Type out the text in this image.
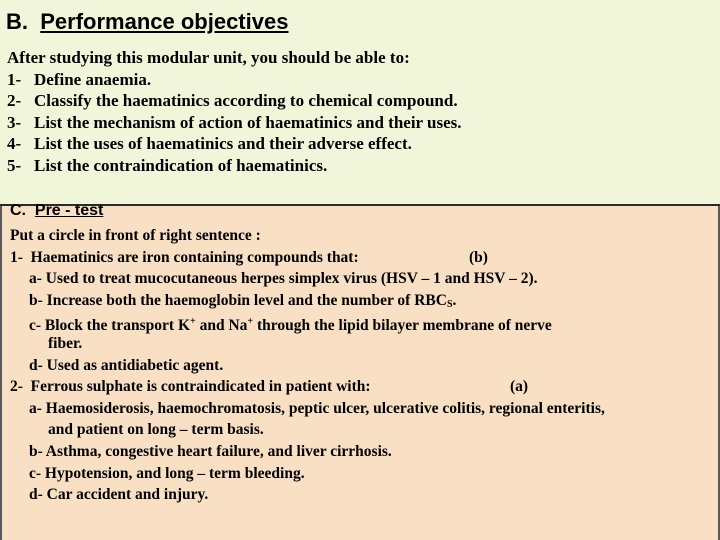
B. Performance objectives
After studying this modular unit, you should be able to:
1- Define anaemia.
2- Classify the haematinics according to chemical compound.
3- List the mechanism of action of haematinics and their uses.
4- List the uses of haematinics and their adverse effect.
5- List the contraindication of haematinics.
C. Pre - test
Put a circle in front of right sentence :
1- Haematinics are iron containing compounds that:	(b)
a- Used to treat mucocutaneous herpes simplex virus (HSV – 1 and HSV – 2).
b- Increase both the haemoglobin level and the number of $RBC_S$.
c- Block the transport K+ and Na+ through the lipid bilayer membrane of nerve
fiber.
d- Used as antidiabetic agent.
2- Ferrous sulphate is contraindicated in patient with:	(a)
a- Haemosiderosis, haemochromatosis, peptic ulcer, ulcerative colitis, regional enteritis,
and patient on long – term basis.
b- Asthma, congestive heart failure, and liver cirrhosis.
c- Hypotension, and long – term bleeding.
d- Car accident and injury.
